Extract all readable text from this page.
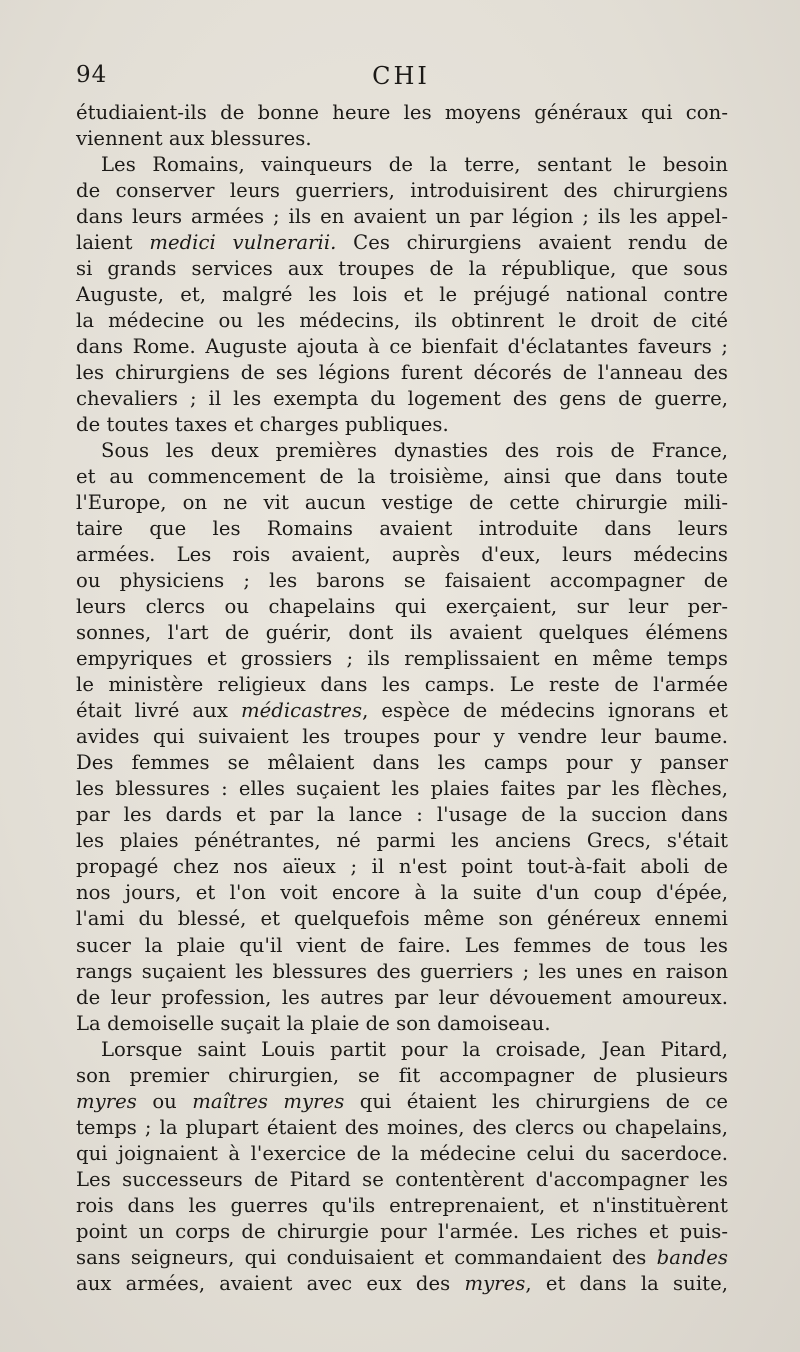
94	CHI
étudiaient-ils de bonne heure les moyens généraux qui con-
viennent aux blessures.
Les Romains, vainqueurs de la terre, sentant le besoin
de conserver leurs guerriers, introduisirent des chirurgiens
dans leurs armées ; ils en avaient un par légion ; ils les appel-
laient medici vulnerarii. Ces chirurgiens avaient rendu de
si grands services aux troupes de la république, que sous
Auguste, et, malgré les lois et le préjugé national contre
la médecine ou les médecins, ils obtinrent le droit de cité
dans Rome. Auguste ajouta à ce bienfait d'éclatantes faveurs ;
les chirurgiens de ses légions furent décorés de l'anneau des
chevaliers ; il les exempta du logement des gens de guerre,
de toutes taxes et charges publiques.
Sous les deux premières dynasties des rois de France,
et au commencement de la troisième, ainsi que dans toute
l'Europe, on ne vit aucun vestige de cette chirurgie mili-
taire que les Romains avaient introduite dans leurs
armées. Les rois avaient, auprès d'eux, leurs médecins
ou physiciens ; les barons se faisaient accompagner de
leurs clercs ou chapelains qui exerçaient, sur leur per-
sonnes, l'art de guérir, dont ils avaient quelques élémens
empyriques et grossiers ; ils remplissaient en même temps
le ministère religieux dans les camps. Le reste de l'armée
était livré aux médicastres, espèce de médecins ignorans et
avides qui suivaient les troupes pour y vendre leur baume.
Des femmes se mêlaient dans les camps pour y panser
les blessures : elles suçaient les plaies faites par les flèches,
par les dards et par la lance : l'usage de la succion dans
les plaies pénétrantes, né parmi les anciens Grecs, s'était
propagé chez nos aïeux ; il n'est point tout-à-fait aboli de
nos jours, et l'on voit encore à la suite d'un coup d'épée,
l'ami du blessé, et quelquefois même son généreux ennemi
sucer la plaie qu'il vient de faire. Les femmes de tous les
rangs suçaient les blessures des guerriers ; les unes en raison
de leur profession, les autres par leur dévouement amoureux.
La demoiselle suçait la plaie de son damoiseau.
Lorsque saint Louis partit pour la croisade, Jean Pitard,
son premier chirurgien, se fit accompagner de plusieurs
myres ou maîtres myres qui étaient les chirurgiens de ce
temps ; la plupart étaient des moines, des clercs ou chapelains,
qui joignaient à l'exercice de la médecine celui du sacerdoce.
Les successeurs de Pitard se contentèrent d'accompagner les
rois dans les guerres qu'ils entreprenaient, et n'instituèrent
point un corps de chirurgie pour l'armée. Les riches et puis-
sans seigneurs, qui conduisaient et commandaient des bandes
aux armées, avaient avec eux des myres, et dans la suite,
